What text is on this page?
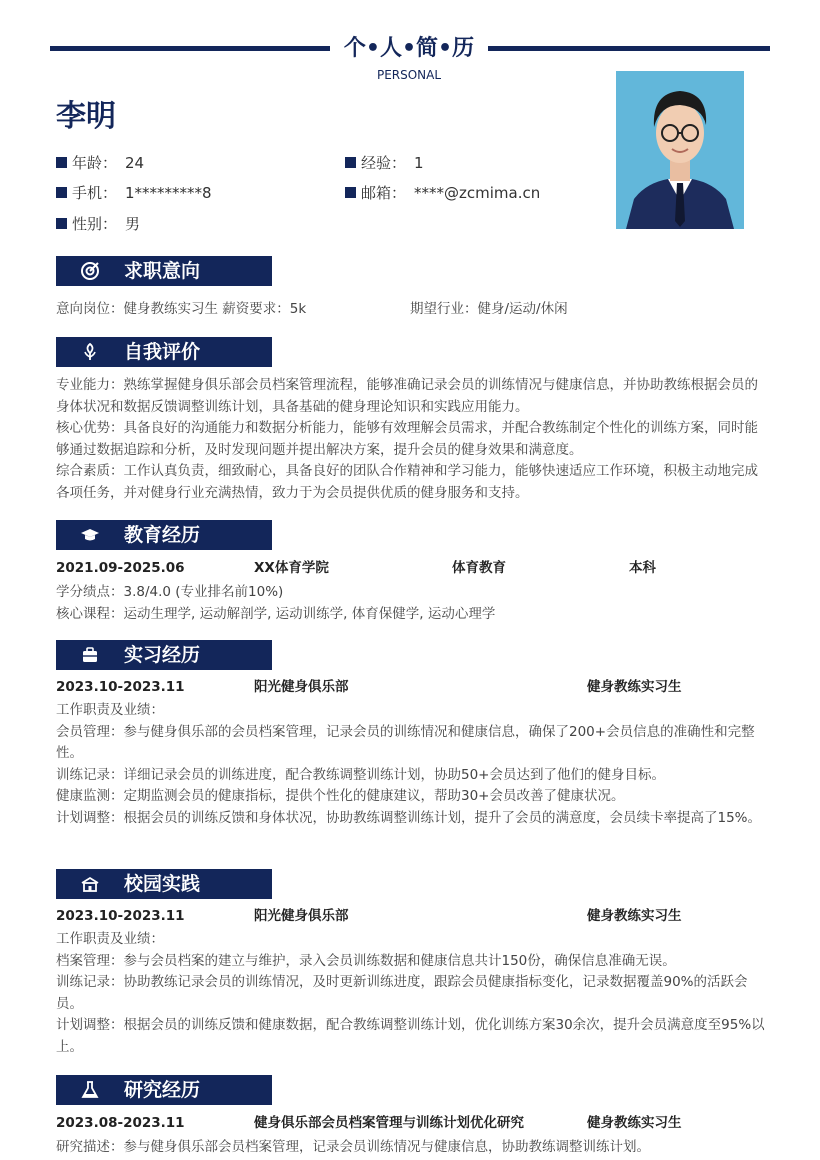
个•人•简•历
PERSONAL
李明
年龄： 24	经验： 1
手机： 1*********8	邮箱： ****@zcmima.cn
性别： 男
求职意向
意向岗位：健身教练实习生 薪资要求：5k	期望行业：健身/运动/休闲
自我评价

专业能力：熟练掌握健身俱乐部会员档案管理流程，能够准确记录会员的训练情况与健康信息，并协助教练根据会员的身体状况和数据反馈调整训练计划，具备基础的健身理论知识和实践应用能力。

核心优势：具备良好的沟通能力和数据分析能力，能够有效理解会员需求，并配合教练制定个性化的训练方案，同时能够通过数据追踪和分析，及时发现问题并提出解决方案，提升会员的健身效果和满意度。

综合素质：工作认真负责，细致耐心，具备良好的团队合作精神和学习能力，能够快速适应工作环境，积极主动地完成各项任务，并对健身行业充满热情，致力于为会员提供优质的健身服务和支持。

教育经历
2021.09-2025.06	XX体育学院	体育教育	本科
学分绩点：3.8/4.0 (专业排名前10%)
核心课程：运动生理学, 运动解剖学, 运动训练学, 体育保健学, 运动心理学
实习经历
2023.10-2023.11	阳光健身俱乐部	健身教练实习生

工作职责及业绩：

会员管理：参与健身俱乐部的会员档案管理，记录会员的训练情况和健康信息，确保了200+会员信息的准确性和完整性。

训练记录：详细记录会员的训练进度，配合教练调整训练计划，协助50+会员达到了他们的健身目标。

健康监测：定期监测会员的健康指标，提供个性化的健康建议，帮助30+会员改善了健康状况。

计划调整：根据会员的训练反馈和身体状况，协助教练调整训练计划，提升了会员的满意度，会员续卡率提高了15%。

校园实践
2023.10-2023.11	阳光健身俱乐部	健身教练实习生

工作职责及业绩：

档案管理：参与会员档案的建立与维护，录入会员训练数据和健康信息共计150份，确保信息准确无误。

训练记录：协助教练记录会员的训练情况，及时更新训练进度，跟踪会员健康指标变化，记录数据覆盖90%的活跃会员。

计划调整：根据会员的训练反馈和健康数据，配合教练调整训练计划，优化训练方案30余次，提升会员满意度至95%以上。

研究经历
2023.08-2023.11	健身俱乐部会员档案管理与训练计划优化研究	健身教练实习生
研究描述：参与健身俱乐部会员档案管理，记录会员训练情况与健康信息，协助教练调整训练计划。
